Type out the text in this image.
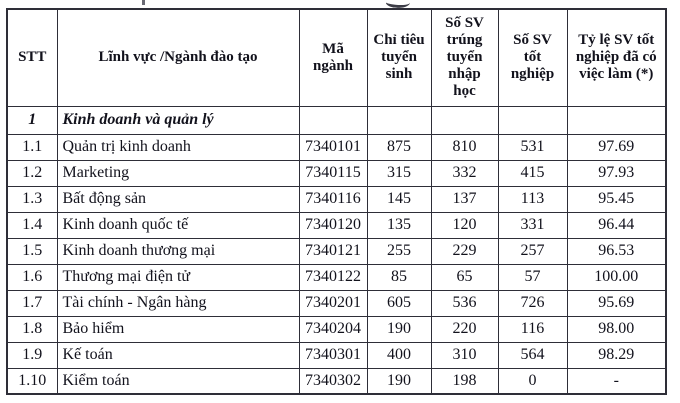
STT	Lĩnh vực /Ngành đào tạo	Mã ngành	Chỉ tiêu tuyển sinh	Số SV trúng tuyển nhập học	Số SV tốt nghiệp	Tỷ lệ SV tốt nghiệp đã có việc làm (*)
1	Kinh doanh và quản lý					
1.1	Quản trị kinh doanh	7340101	875	810	531	97.69
1.2	Marketing	7340115	315	332	415	97.93
1.3	Bất động sản	7340116	145	137	113	95.45
1.4	Kinh doanh quốc tế	7340120	135	120	331	96.44
1.5	Kinh doanh thương mại	7340121	255	229	257	96.53
1.6	Thương mại điện tử	7340122	85	65	57	100.00
1.7	Tài chính - Ngân hàng	7340201	605	536	726	95.69
1.8	Bảo hiểm	7340204	190	220	116	98.00
1.9	Kế toán	7340301	400	310	564	98.29
1.10	Kiểm toán	7340302	190	198	0	-
